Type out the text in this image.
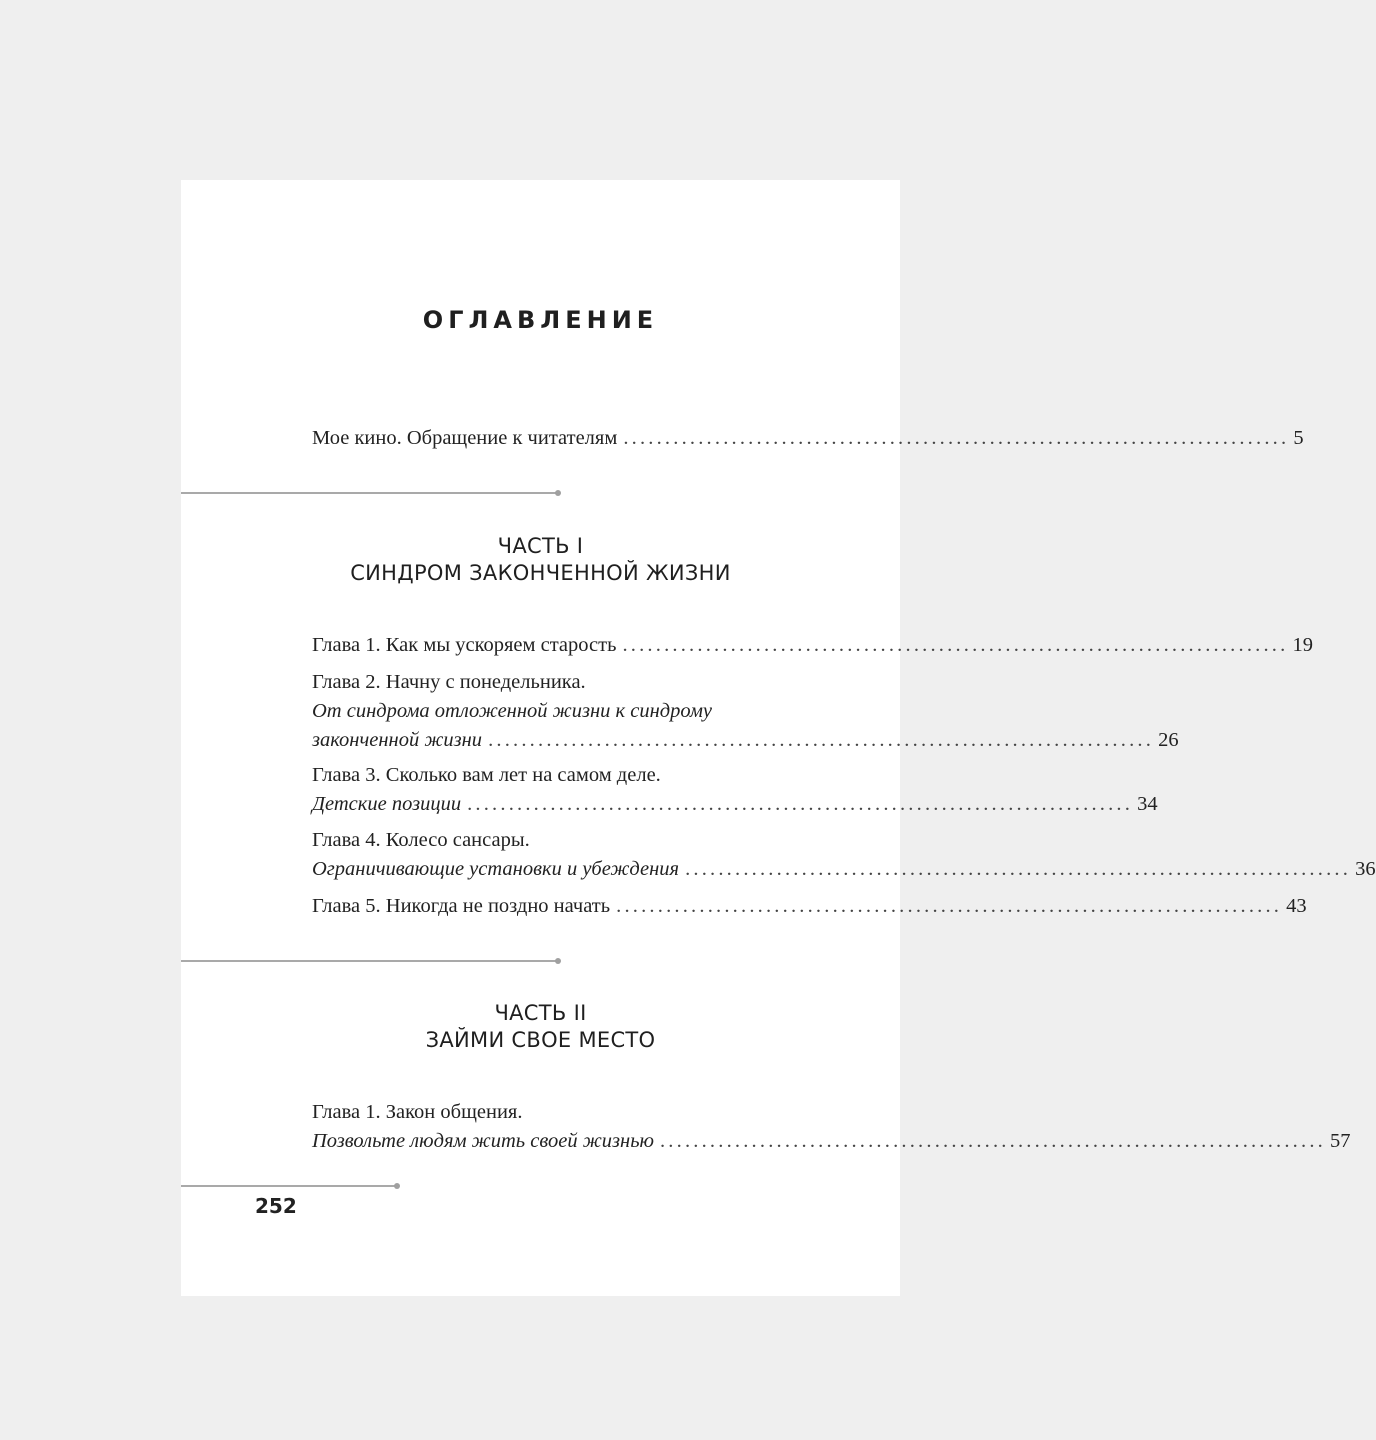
ОГЛАВЛЕНИЕ
Мое кино. Обращение к читателям ................................................................................ 5
ЧАСТЬ I
СИНДРОМ ЗАКОНЧЕННОЙ ЖИЗНИ
Глава 1. Как мы ускоряем старость ................................................................................ 19
Глава 2. Начну с понедельника.
От синдрома отложенной жизни к синдрому
законченной жизни ................................................................................ 26
Глава 3. Сколько вам лет на самом деле.
Детские позиции ................................................................................ 34
Глава 4. Колесо сансары.
Ограничивающие установки и убеждения ................................................................................ 36
Глава 5. Никогда не поздно начать ................................................................................ 43
ЧАСТЬ II
ЗАЙМИ СВОЕ МЕСТО
Глава 1. Закон общения.
Позвольте людям жить своей жизнью ................................................................................ 57
252
